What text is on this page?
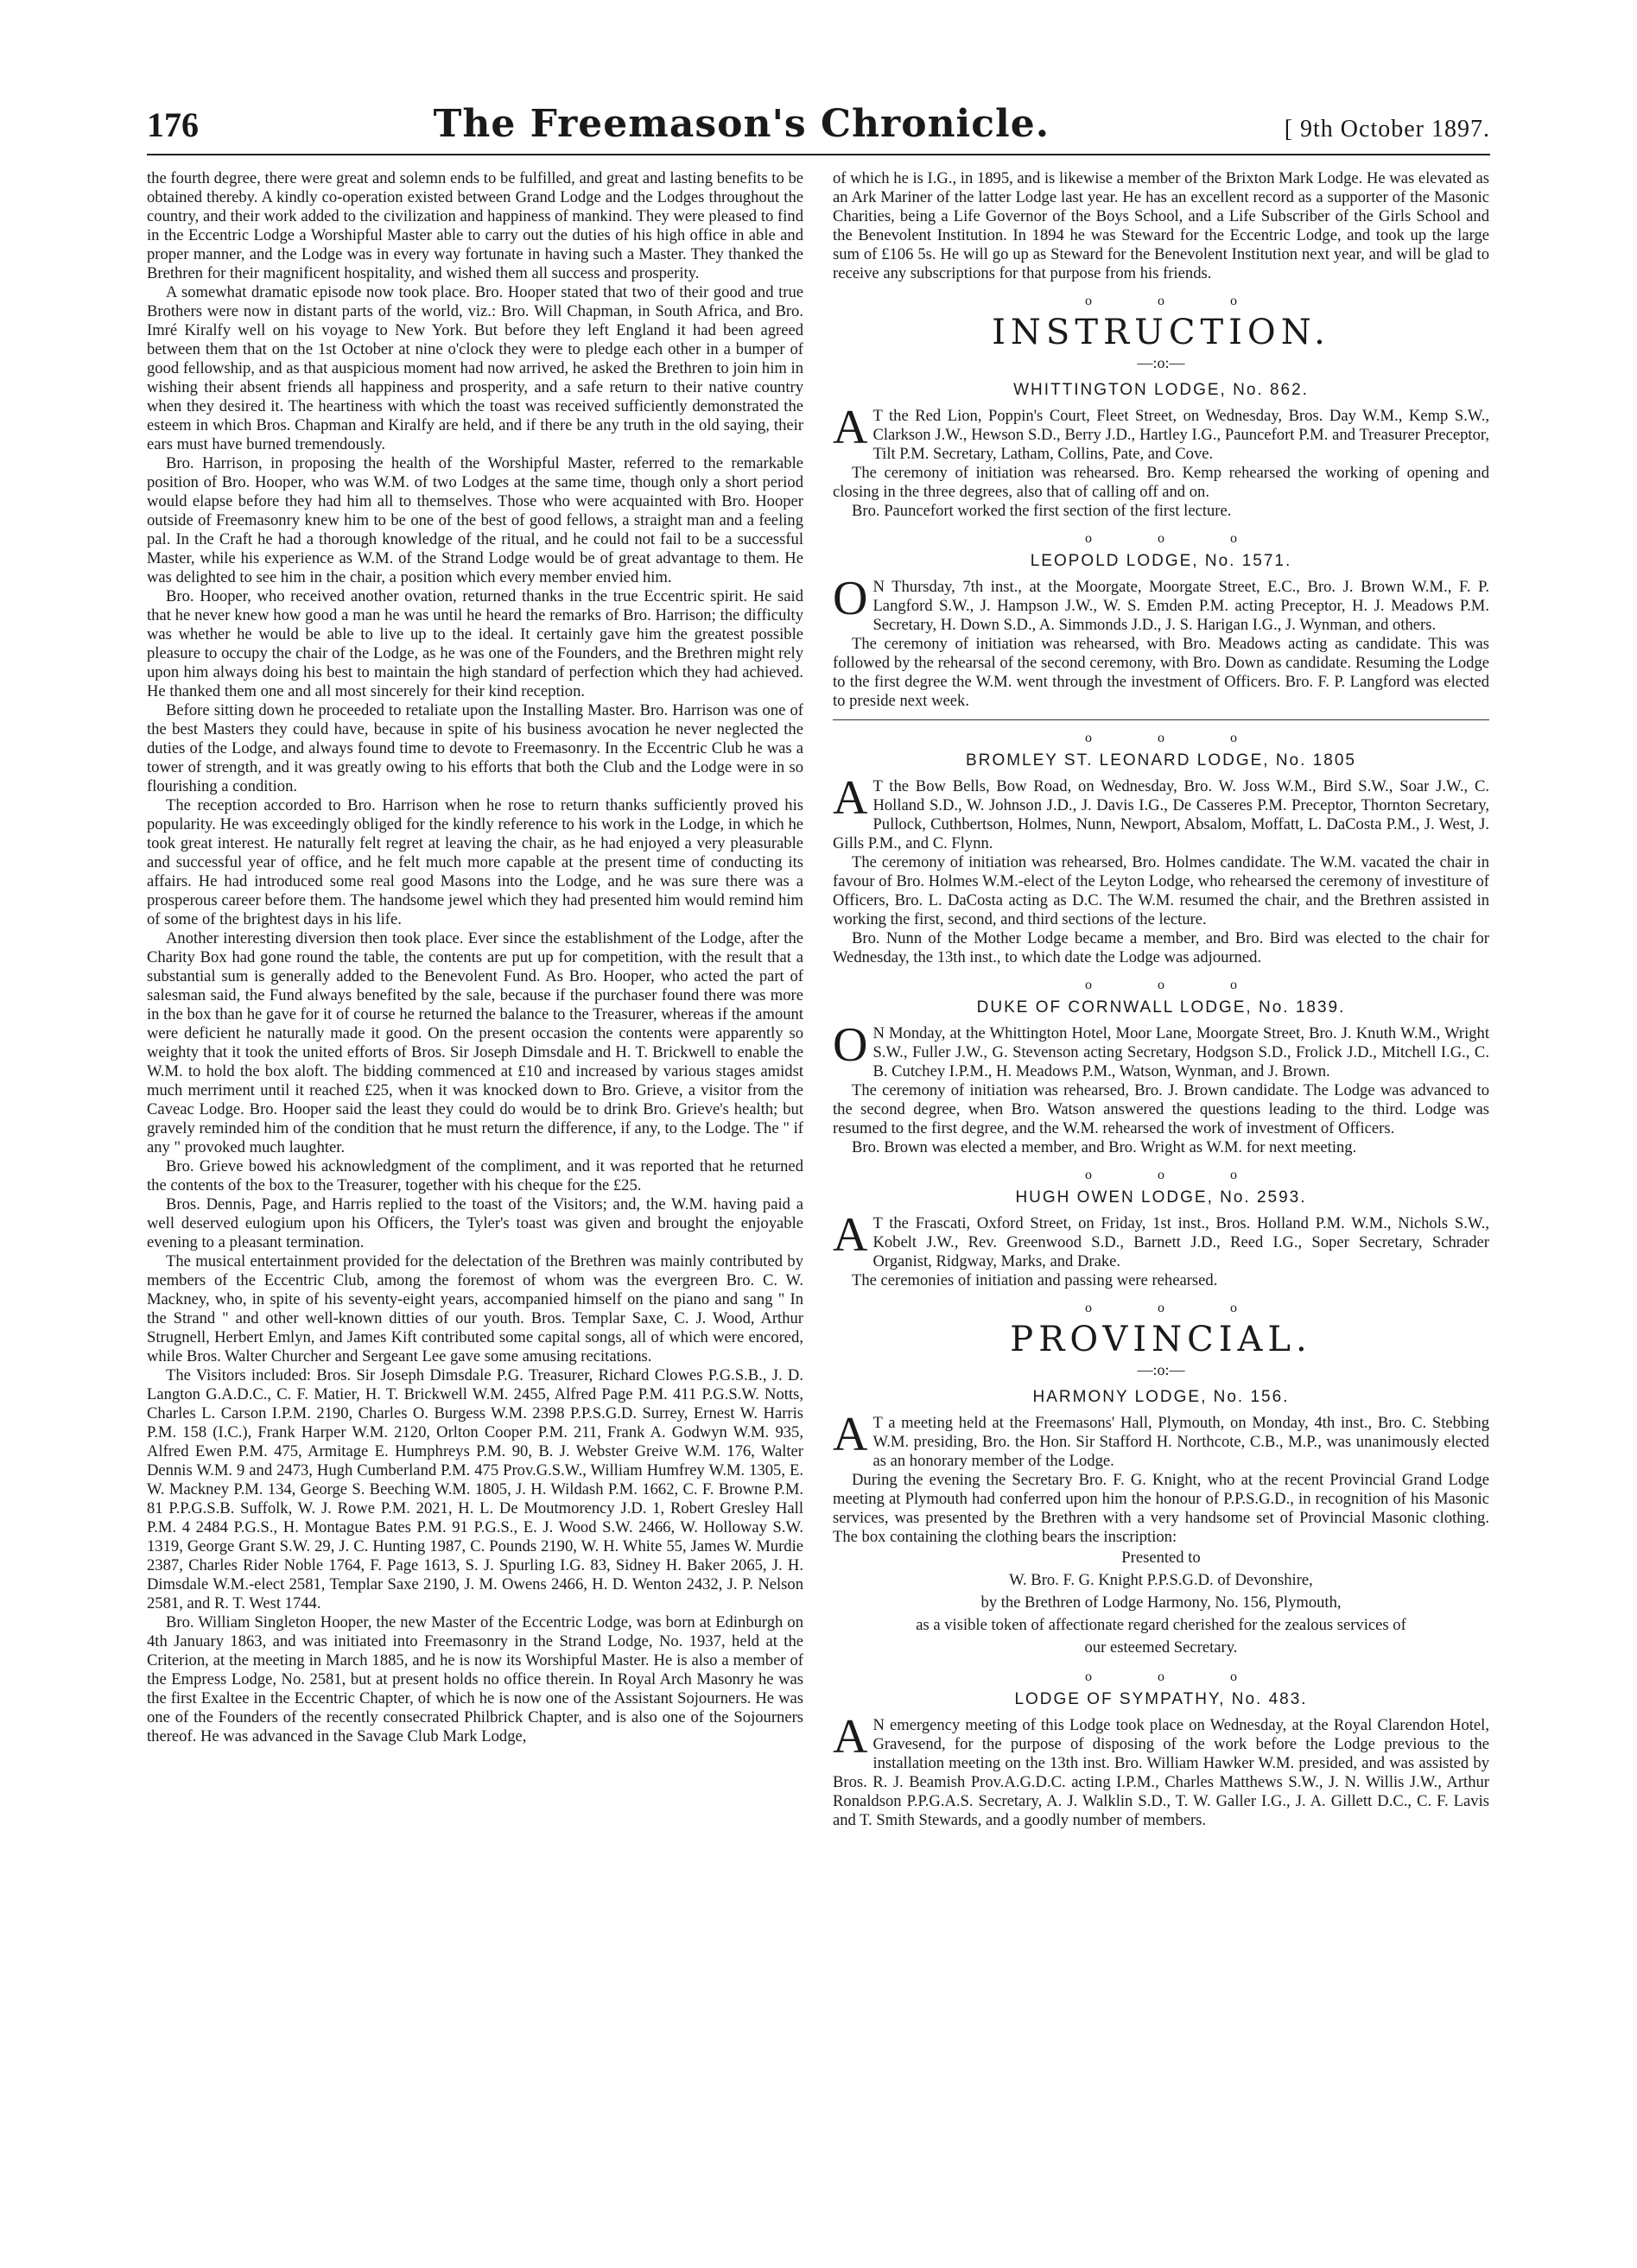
176	The Freemason's Chronicle.	[ 9th October 1897.

the fourth degree, there were great and solemn ends to be fulfilled, and great and lasting benefits to be obtained thereby. A kindly co-operation existed between Grand Lodge and the Lodges throughout the country, and their work added to the civilization and happiness of mankind. They were pleased to find in the Eccentric Lodge a Worshipful Master able to carry out the duties of his high office in able and proper manner, and the Lodge was in every way fortunate in having such a Master. They thanked the Brethren for their magnificent hospitality, and wished them all success and prosperity.

A somewhat dramatic episode now took place. Bro. Hooper stated that two of their good and true Brothers were now in distant parts of the world, viz.: Bro. Will Chapman, in South Africa, and Bro. Imré Kiralfy well on his voyage to New York. But before they left England it had been agreed between them that on the 1st October at nine o'clock they were to pledge each other in a bumper of good fellowship, and as that auspicious moment had now arrived, he asked the Brethren to join him in wishing their absent friends all happiness and prosperity, and a safe return to their native country when they desired it. The heartiness with which the toast was received sufficiently demonstrated the esteem in which Bros. Chapman and Kiralfy are held, and if there be any truth in the old saying, their ears must have burned tremendously.

Bro. Harrison, in proposing the health of the Worshipful Master, referred to the remarkable position of Bro. Hooper, who was W.M. of two Lodges at the same time, though only a short period would elapse before they had him all to themselves. Those who were acquainted with Bro. Hooper outside of Freemasonry knew him to be one of the best of good fellows, a straight man and a feeling pal. In the Craft he had a thorough knowledge of the ritual, and he could not fail to be a successful Master, while his experience as W.M. of the Strand Lodge would be of great advantage to them. He was delighted to see him in the chair, a position which every member envied him.

Bro. Hooper, who received another ovation, returned thanks in the true Eccentric spirit. He said that he never knew how good a man he was until he heard the remarks of Bro. Harrison; the difficulty was whether he would be able to live up to the ideal. It certainly gave him the greatest possible pleasure to occupy the chair of the Lodge, as he was one of the Founders, and the Brethren might rely upon him always doing his best to maintain the high standard of perfection which they had achieved. He thanked them one and all most sincerely for their kind reception.

Before sitting down he proceeded to retaliate upon the Installing Master. Bro. Harrison was one of the best Masters they could have, because in spite of his business avocation he never neglected the duties of the Lodge, and always found time to devote to Freemasonry. In the Eccentric Club he was a tower of strength, and it was greatly owing to his efforts that both the Club and the Lodge were in so flourishing a condition.

The reception accorded to Bro. Harrison when he rose to return thanks sufficiently proved his popularity. He was exceedingly obliged for the kindly reference to his work in the Lodge, in which he took great interest. He naturally felt regret at leaving the chair, as he had enjoyed a very pleasurable and successful year of office, and he felt much more capable at the present time of conducting its affairs. He had introduced some real good Masons into the Lodge, and he was sure there was a prosperous career before them. The handsome jewel which they had presented him would remind him of some of the brightest days in his life.

Another interesting diversion then took place. Ever since the establishment of the Lodge, after the Charity Box had gone round the table, the contents are put up for competition, with the result that a substantial sum is generally added to the Benevolent Fund. As Bro. Hooper, who acted the part of salesman said, the Fund always benefited by the sale, because if the purchaser found there was more in the box than he gave for it of course he returned the balance to the Treasurer, whereas if the amount were deficient he naturally made it good. On the present occasion the contents were apparently so weighty that it took the united efforts of Bros. Sir Joseph Dimsdale and H. T. Brickwell to enable the W.M. to hold the box aloft. The bidding commenced at £10 and increased by various stages amidst much merriment until it reached £25, when it was knocked down to Bro. Grieve, a visitor from the Caveac Lodge. Bro. Hooper said the least they could do would be to drink Bro. Grieve's health; but gravely reminded him of the condition that he must return the difference, if any, to the Lodge. The " if any " provoked much laughter.

Bro. Grieve bowed his acknowledgment of the compliment, and it was reported that he returned the contents of the box to the Treasurer, together with his cheque for the £25.

Bros. Dennis, Page, and Harris replied to the toast of the Visitors; and, the W.M. having paid a well deserved eulogium upon his Officers, the Tyler's toast was given and brought the enjoyable evening to a pleasant termination.

The musical entertainment provided for the delectation of the Brethren was mainly contributed by members of the Eccentric Club, among the foremost of whom was the evergreen Bro. C. W. Mackney, who, in spite of his seventy-eight years, accompanied himself on the piano and sang " In the Strand " and other well-known ditties of our youth. Bros. Templar Saxe, C. J. Wood, Arthur Strugnell, Herbert Emlyn, and James Kift contributed some capital songs, all of which were encored, while Bros. Walter Churcher and Sergeant Lee gave some amusing recitations.

The Visitors included: Bros. Sir Joseph Dimsdale P.G. Treasurer, Richard Clowes P.G.S.B., J. D. Langton G.A.D.C., C. F. Matier, H. T. Brickwell W.M. 2455, Alfred Page P.M. 411 P.G.S.W. Notts, Charles L. Carson I.P.M. 2190, Charles O. Burgess W.M. 2398 P.P.S.G.D. Surrey, Ernest W. Harris P.M. 158 (I.C.), Frank Harper W.M. 2120, Orlton Cooper P.M. 211, Frank A. Godwyn W.M. 935, Alfred Ewen P.M. 475, Armitage E. Humphreys P.M. 90, B. J. Webster Greive W.M. 176, Walter Dennis W.M. 9 and 2473, Hugh Cumberland P.M. 475 Prov.G.S.W., William Humfrey W.M. 1305, E. W. Mackney P.M. 134, George S. Beeching W.M. 1805, J. H. Wildash P.M. 1662, C. F. Browne P.M. 81 P.P.G.S.B. Suffolk, W. J. Rowe P.M. 2021, H. L. De Moutmorency J.D. 1, Robert Gresley Hall P.M. 4 2484 P.G.S., H. Montague Bates P.M. 91 P.G.S., E. J. Wood S.W. 2466, W. Holloway S.W. 1319, George Grant S.W. 29, J. C. Hunting 1987, C. Pounds 2190, W. H. White 55, James W. Murdie 2387, Charles Rider Noble 1764, F. Page 1613, S. J. Spurling I.G. 83, Sidney H. Baker 2065, J. H. Dimsdale W.M.-elect 2581, Templar Saxe 2190, J. M. Owens 2466, H. D. Wenton 2432, J. P. Nelson 2581, and R. T. West 1744.

Bro. William Singleton Hooper, the new Master of the Eccentric Lodge, was born at Edinburgh on 4th January 1863, and was initiated into Freemasonry in the Strand Lodge, No. 1937, held at the Criterion, at the meeting in March 1885, and he is now its Worshipful Master. He is also a member of the Empress Lodge, No. 2581, but at present holds no office therein. In Royal Arch Masonry he was the first Exaltee in the Eccentric Chapter, of which he is now one of the Assistant Sojourners. He was one of the Founders of the recently consecrated Philbrick Chapter, and is also one of the Sojourners thereof. He was advanced in the Savage Club Mark Lodge,

of which he is I.G., in 1895, and is likewise a member of the Brixton Mark Lodge. He was elevated as an Ark Mariner of the latter Lodge last year. He has an excellent record as a supporter of the Masonic Charities, being a Life Governor of the Boys School, and a Life Subscriber of the Girls School and the Benevolent Institution. In 1894 he was Steward for the Eccentric Lodge, and took up the large sum of £106 5s. He will go up as Steward for the Benevolent Institution next year, and will be glad to receive any subscriptions for that purpose from his friends.

o o o
INSTRUCTION.
—:o:—
WHITTINGTON LODGE, No. 862.

A T the Red Lion, Poppin's Court, Fleet Street, on Wednesday, Bros. Day W.M., Kemp S.W., Clarkson J.W., Hewson S.D., Berry J.D., Hartley I.G., Pauncefort P.M. and Treasurer Preceptor, Tilt P.M. Secretary, Latham, Collins, Pate, and Cove.

The ceremony of initiation was rehearsed. Bro. Kemp rehearsed the working of opening and closing in the three degrees, also that of calling off and on.

Bro. Pauncefort worked the first section of the first lecture.

o o o
LEOPOLD LODGE, No. 1571.

O N Thursday, 7th inst., at the Moorgate, Moorgate Street, E.C., Bro. J. Brown W.M., F. P. Langford S.W., J. Hampson J.W., W. S. Emden P.M. acting Preceptor, H. J. Meadows P.M. Secretary, H. Down S.D., A. Simmonds J.D., J. S. Harigan I.G., J. Wynman, and others.

The ceremony of initiation was rehearsed, with Bro. Meadows acting as candidate. This was followed by the rehearsal of the second ceremony, with Bro. Down as candidate. Resuming the Lodge to the first degree the W.M. went through the investment of Officers. Bro. F. P. Langford was elected to preside next week.

o o o
BROMLEY ST. LEONARD LODGE, No. 1805

A T the Bow Bells, Bow Road, on Wednesday, Bro. W. Joss W.M., Bird S.W., Soar J.W., C. Holland S.D., W. Johnson J.D., J. Davis I.G., De Casseres P.M. Preceptor, Thornton Secretary, Pullock, Cuthbertson, Holmes, Nunn, Newport, Absalom, Moffatt, L. DaCosta P.M., J. West, J. Gills P.M., and C. Flynn.

The ceremony of initiation was rehearsed, Bro. Holmes candidate. The W.M. vacated the chair in favour of Bro. Holmes W.M.-elect of the Leyton Lodge, who rehearsed the ceremony of investiture of Officers, Bro. L. DaCosta acting as D.C. The W.M. resumed the chair, and the Brethren assisted in working the first, second, and third sections of the lecture.

Bro. Nunn of the Mother Lodge became a member, and Bro. Bird was elected to the chair for Wednesday, the 13th inst., to which date the Lodge was adjourned.

o o o
DUKE OF CORNWALL LODGE, No. 1839.

O N Monday, at the Whittington Hotel, Moor Lane, Moorgate Street, Bro. J. Knuth W.M., Wright S.W., Fuller J.W., G. Stevenson acting Secretary, Hodgson S.D., Frolick J.D., Mitchell I.G., C. B. Cutchey I.P.M., H. Meadows P.M., Watson, Wynman, and J. Brown.

The ceremony of initiation was rehearsed, Bro. J. Brown candidate. The Lodge was advanced to the second degree, when Bro. Watson answered the questions leading to the third. Lodge was resumed to the first degree, and the W.M. rehearsed the work of investment of Officers.

Bro. Brown was elected a member, and Bro. Wright as W.M. for next meeting.

o o o
HUGH OWEN LODGE, No. 2593.

A T the Frascati, Oxford Street, on Friday, 1st inst., Bros. Holland P.M. W.M., Nichols S.W., Kobelt J.W., Rev. Greenwood S.D., Barnett J.D., Reed I.G., Soper Secretary, Schrader Organist, Ridgway, Marks, and Drake.

The ceremonies of initiation and passing were rehearsed.

o o o
PROVINCIAL.
—:o:—
HARMONY LODGE, No. 156.

A T a meeting held at the Freemasons' Hall, Plymouth, on Monday, 4th inst., Bro. C. Stebbing W.M. presiding, Bro. the Hon. Sir Stafford H. Northcote, C.B., M.P., was unanimously elected as an honorary member of the Lodge.

During the evening the Secretary Bro. F. G. Knight, who at the recent Provincial Grand Lodge meeting at Plymouth had conferred upon him the honour of P.P.S.G.D., in recognition of his Masonic services, was presented by the Brethren with a very handsome set of Provincial Masonic clothing. The box containing the clothing bears the inscription:

Presented to

W. Bro. F. G. Knight P.P.S.G.D. of Devonshire,

by the Brethren of Lodge Harmony, No. 156, Plymouth,

as a visible token of affectionate regard cherished for the zealous services of

our esteemed Secretary.

o o o
LODGE OF SYMPATHY, No. 483.

A N emergency meeting of this Lodge took place on Wednesday, at the Royal Clarendon Hotel, Gravesend, for the purpose of disposing of the work before the Lodge previous to the installation meeting on the 13th inst. Bro. William Hawker W.M. presided, and was assisted by Bros. R. J. Beamish Prov.A.G.D.C. acting I.P.M., Charles Matthews S.W., J. N. Willis J.W., Arthur Ronaldson P.P.G.A.S. Secretary, A. J. Walklin S.D., T. W. Galler I.G., J. A. Gillett D.C., C. F. Lavis and T. Smith Stewards, and a goodly number of members.
